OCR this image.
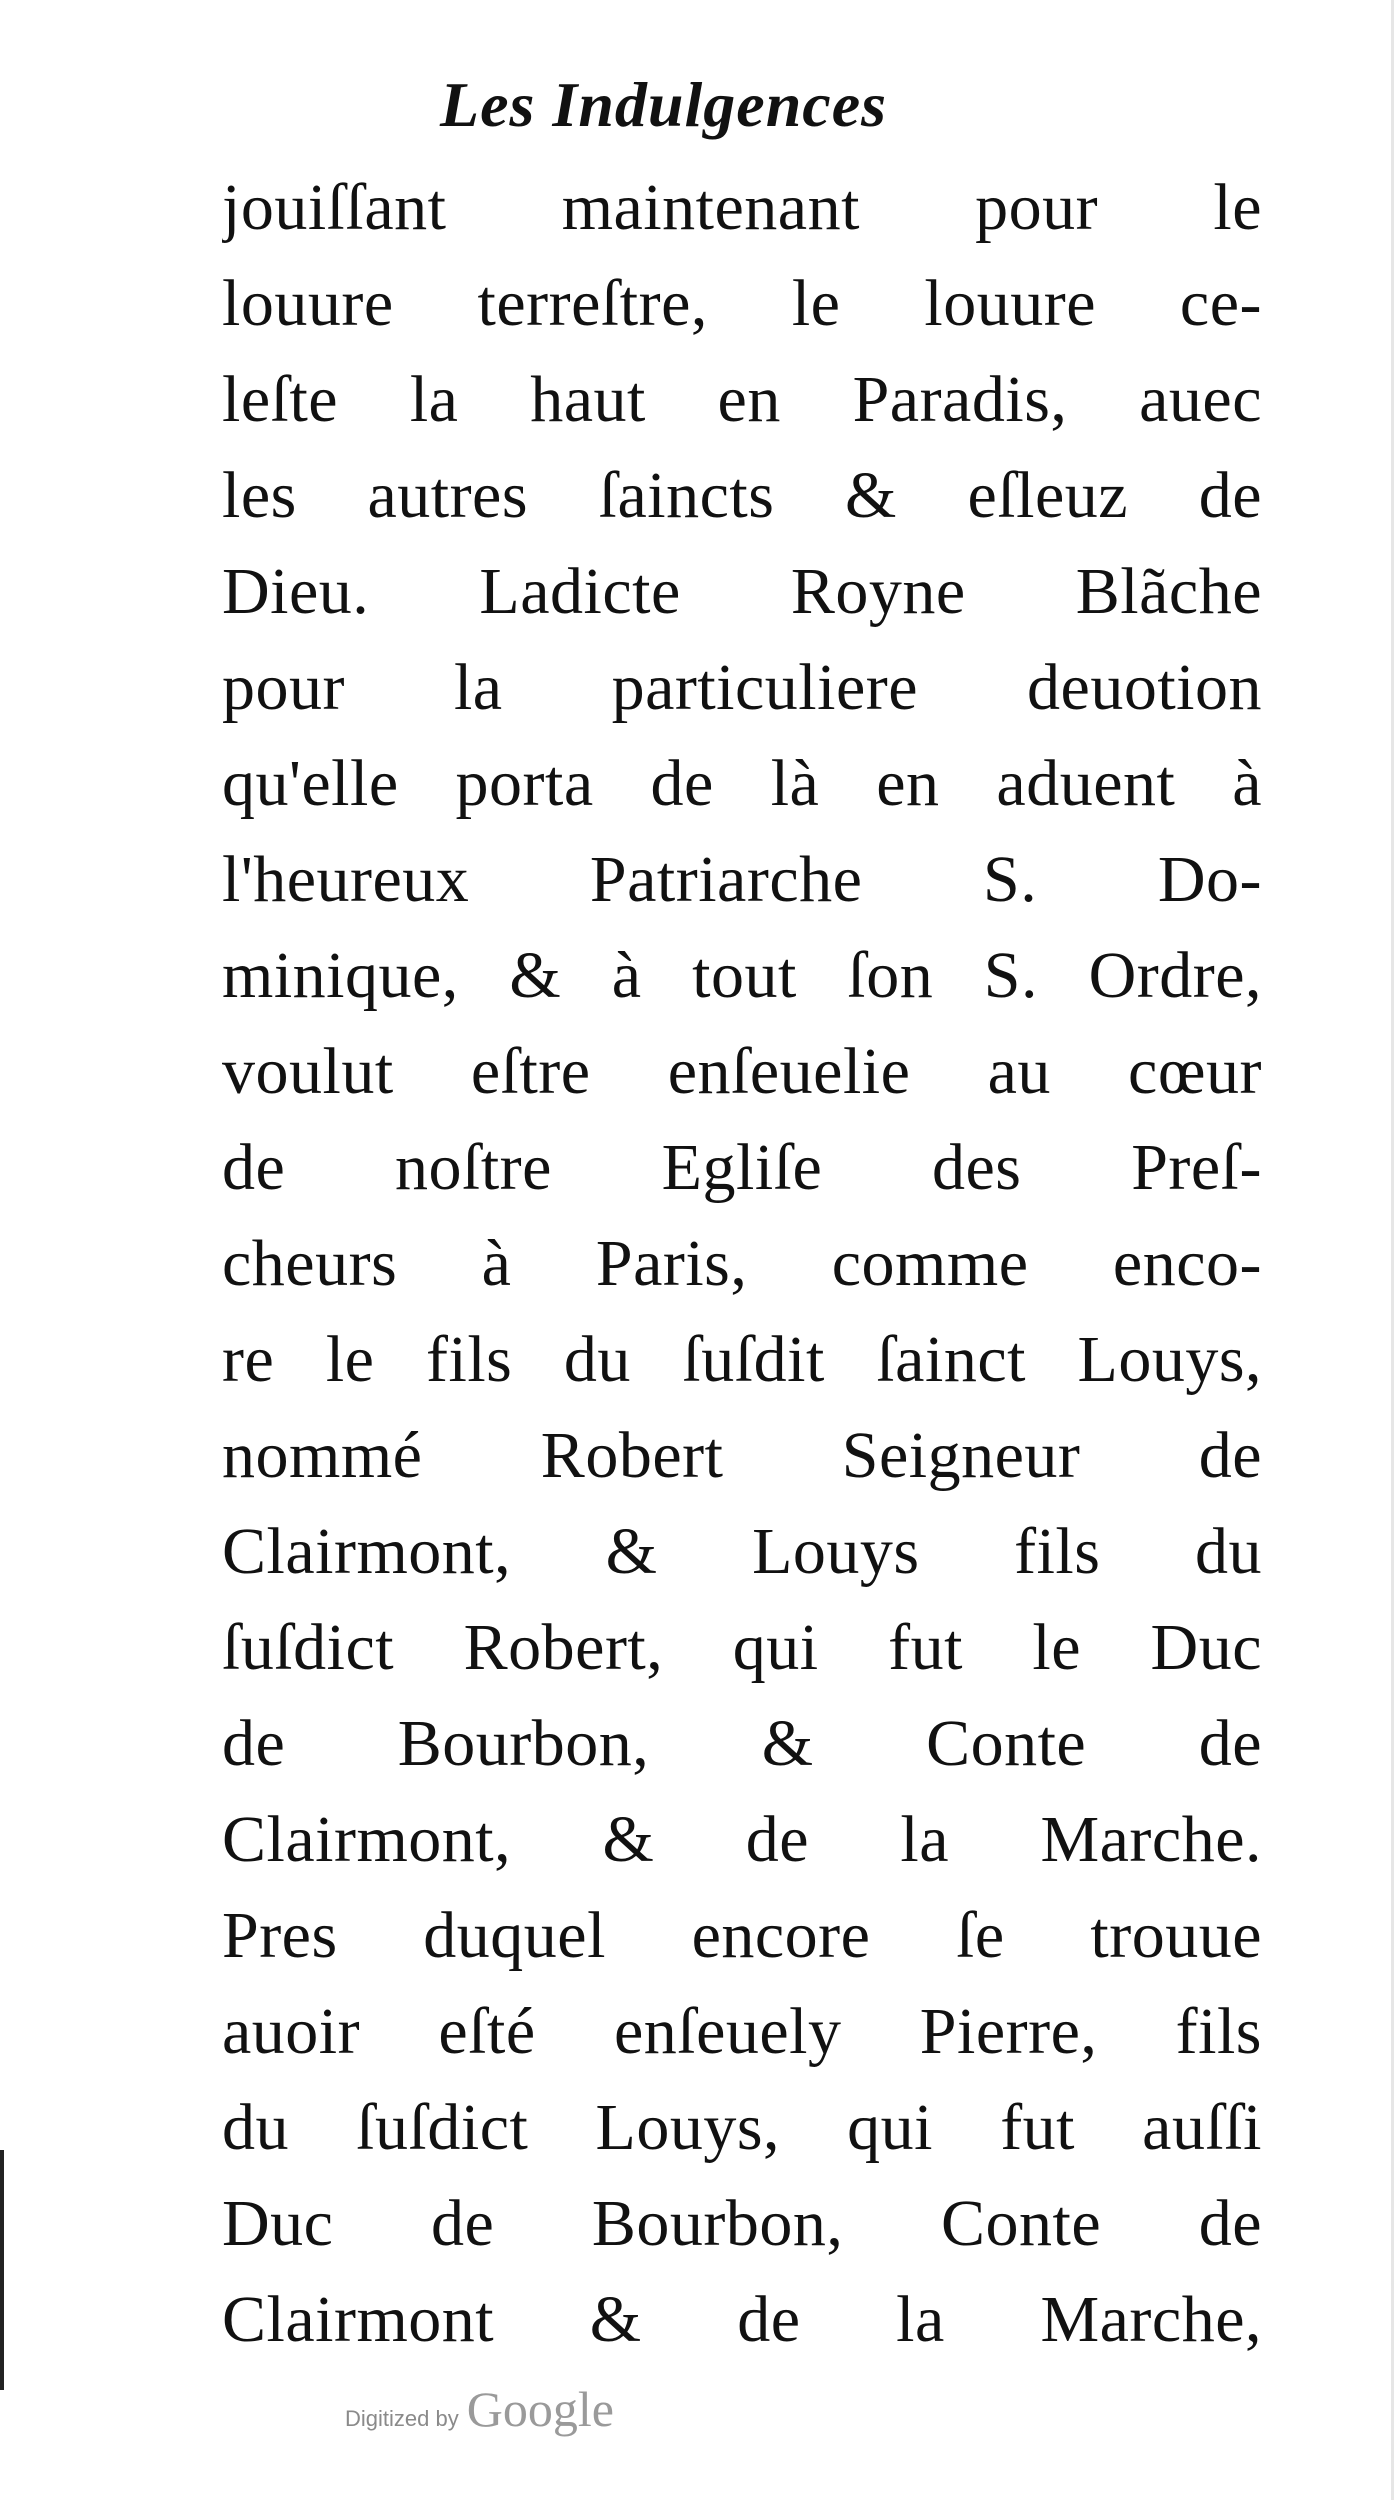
Les Indulgences
jouiſſant maintenant pour le
louure terreſtre, le louure ce-
leſte la haut en Paradis, auec
les autres ſaincts & eſleuz de
Dieu. Ladicte Royne Blãche
pour la particuliere deuotion
qu'elle porta de là en aduent à
l'heureux Patriarche S. Do-
minique, & à tout ſon S. Ordre,
voulut eſtre enſeuelie au cœur
de noſtre Egliſe des Preſ-
cheurs à Paris, comme enco-
re le fils du ſuſdit ſainct Louys,
nommé Robert Seigneur de
Clairmont, & Louys fils du
ſuſdict Robert, qui fut le Duc
de Bourbon, & Conte de
Clairmont, & de la Marche.
Pres duquel encore ſe trouue
auoir eſté enſeuely Pierre, fils
du ſuſdict Louys, qui fut auſſi
Duc de Bourbon, Conte de
Clairmont & de la Marche,
Digitized by Google
